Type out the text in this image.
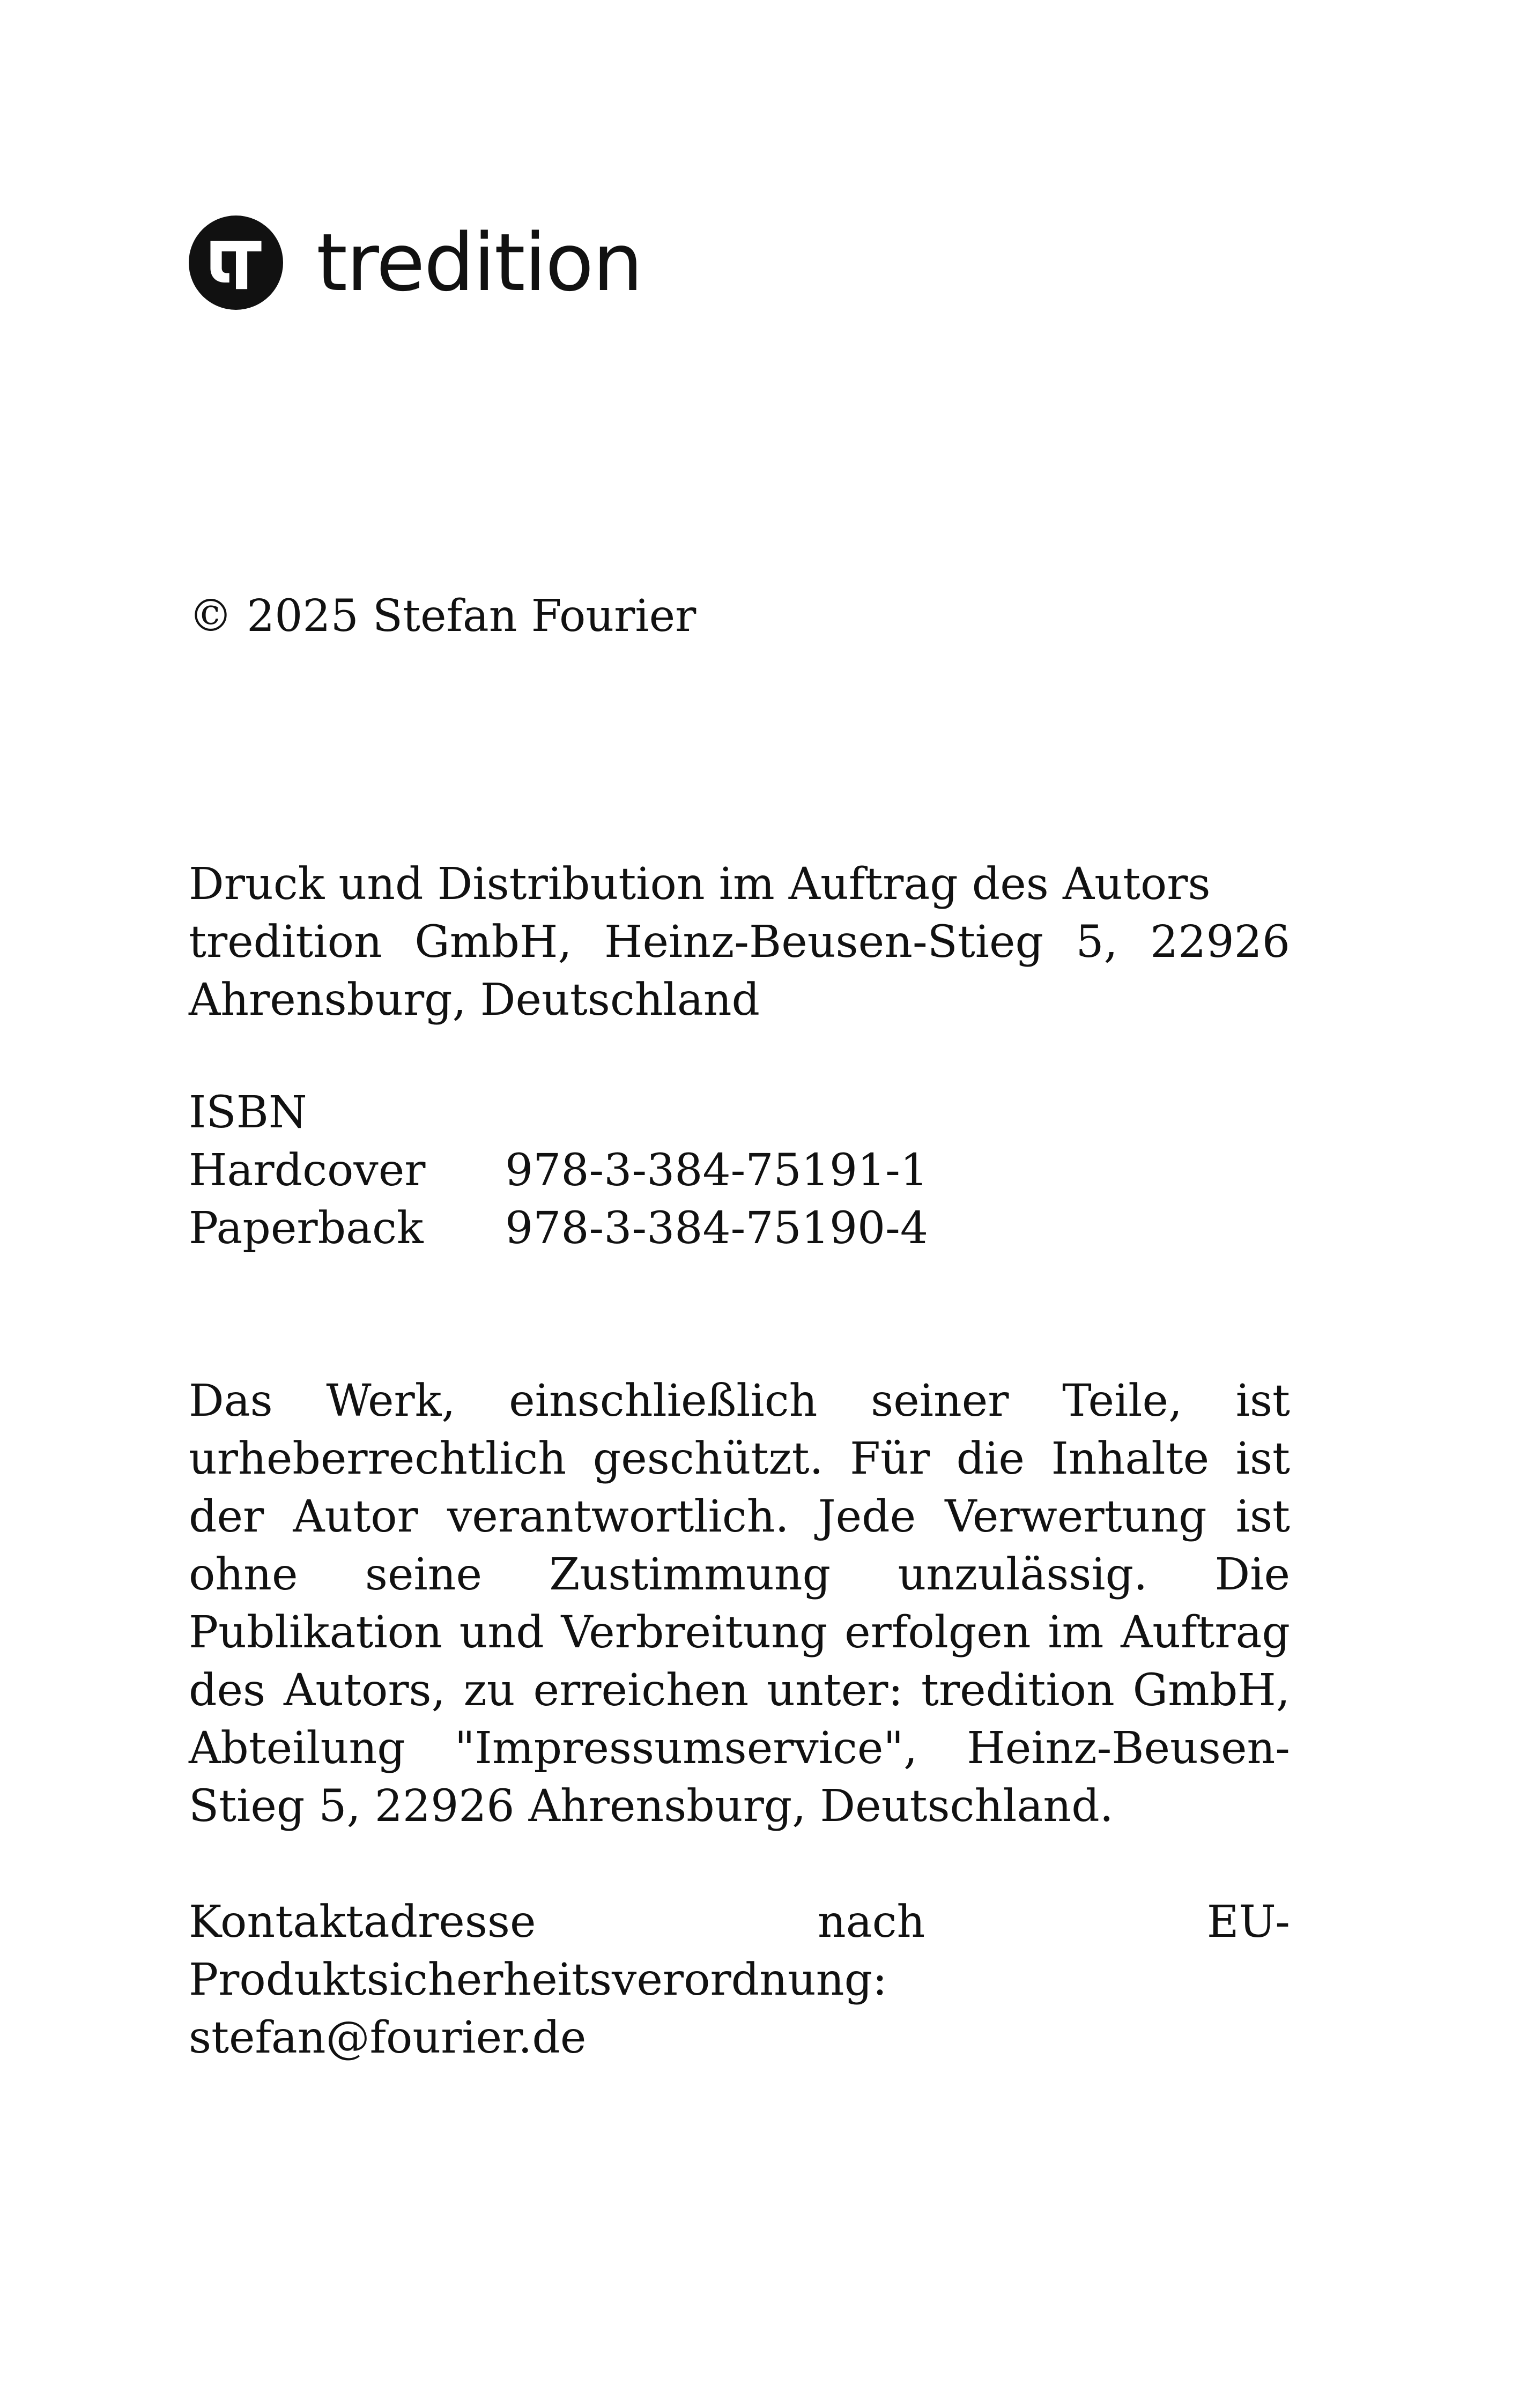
tredition
© 2025 Stefan Fourier
Druck und Distribution im Auftrag des Autors
tredition GmbH, Heinz-Beusen-Stieg 5, 22926 Ahrensburg, Deutschland
ISBN
Hardcover	978-3-384-75191-1
Paperback	978-3-384-75190-4
Das Werk, einschließlich seiner Teile, ist urheberrechtlich geschützt. Für die Inhalte ist der Autor verantwortlich. Jede Verwertung ist ohne seine Zustimmung unzulässig. Die Publikation und Verbreitung erfolgen im Auftrag des Autors, zu erreichen unter: tredition GmbH, Abteilung "Impressumservice", Heinz-Beusen-Stieg 5, 22926 Ahrensburg, Deutschland.
Kontaktadresse nach EU-Produktsicherheitsverordnung: stefan@fourier.de
